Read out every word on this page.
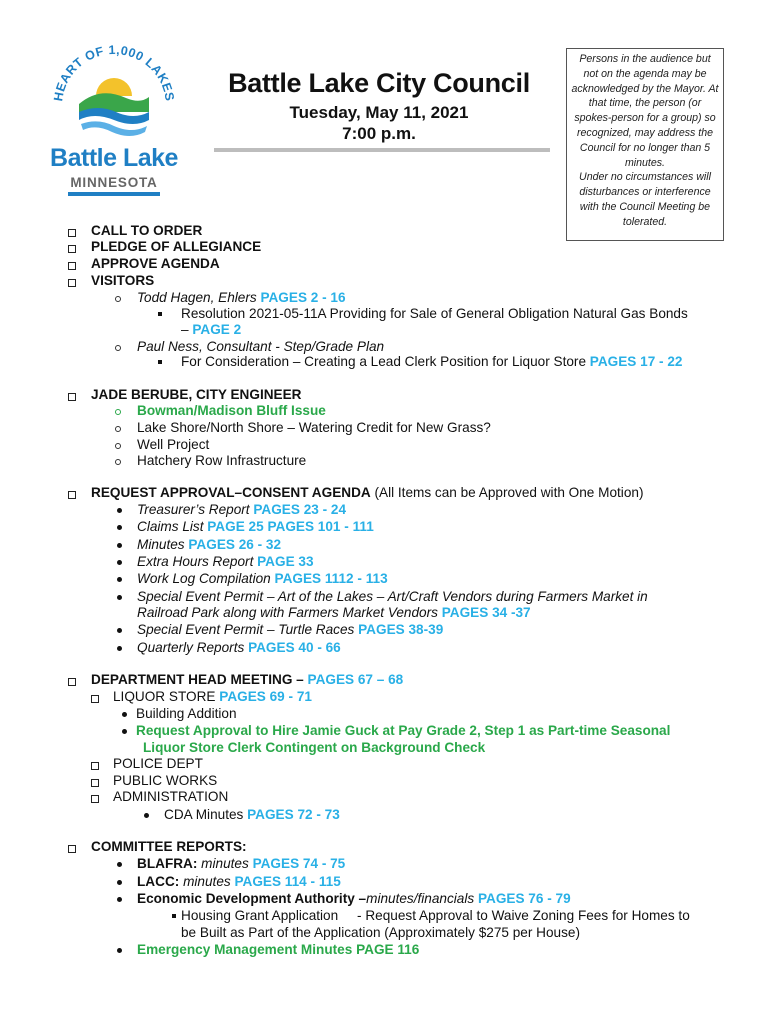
HEART OF 1,000 LAKES
Battle Lake
MINNESOTA
Battle Lake City Council
Tuesday, May 11, 2021
7:00 p.m.
Persons in the audience but not on the agenda may be acknowledged by the Mayor. At that time, the person (or spokes-person for a group) so recognized, may address the Council for no longer than 5 minutes.
Under no circumstances will disturbances or interference with the Council Meeting be tolerated.
CALL TO ORDER
PLEDGE OF ALLEGIANCE
APPROVE AGENDA
VISITORS
Todd Hagen, Ehlers PAGES 2 - 16
Resolution 2021-05-11A Providing for Sale of General Obligation Natural Gas Bonds
– PAGE 2
Paul Ness, Consultant - Step/Grade Plan
For Consideration – Creating a Lead Clerk Position for Liquor Store PAGES 17 - 22
JADE BERUBE, CITY ENGINEER
Bowman/Madison Bluff Issue
Lake Shore/North Shore – Watering Credit for New Grass?
Well Project
Hatchery Row Infrastructure
REQUEST APPROVAL–CONSENT AGENDA (All Items can be Approved with One Motion)
Treasurer’s Report PAGES 23 - 24
Claims List PAGE 25 PAGES 101 - 111
Minutes PAGES 26 - 32
Extra Hours Report PAGE 33
Work Log Compilation PAGES 1112 - 113
Special Event Permit – Art of the Lakes – Art/Craft Vendors during Farmers Market in
Railroad Park along with Farmers Market Vendors PAGES 34 -37
Special Event Permit – Turtle Races PAGES 38-39
Quarterly Reports PAGES 40 - 66
DEPARTMENT HEAD MEETING – PAGES 67 – 68
LIQUOR STORE PAGES 69 - 71
Building Addition
Request Approval to Hire Jamie Guck at Pay Grade 2, Step 1 as Part-time Seasonal
Liquor Store Clerk Contingent on Background Check
POLICE DEPT
PUBLIC WORKS
ADMINISTRATION
CDA Minutes PAGES 72 - 73
COMMITTEE REPORTS:
BLAFRA: minutes PAGES 74 - 75
LACC: minutes PAGES 114 - 115
Economic Development Authority –minutes/financials PAGES 76 - 79
Housing Grant Application     - Request Approval to Waive Zoning Fees for Homes to
be Built as Part of the Application (Approximately $275 per House)
Emergency Management Minutes PAGE 116
